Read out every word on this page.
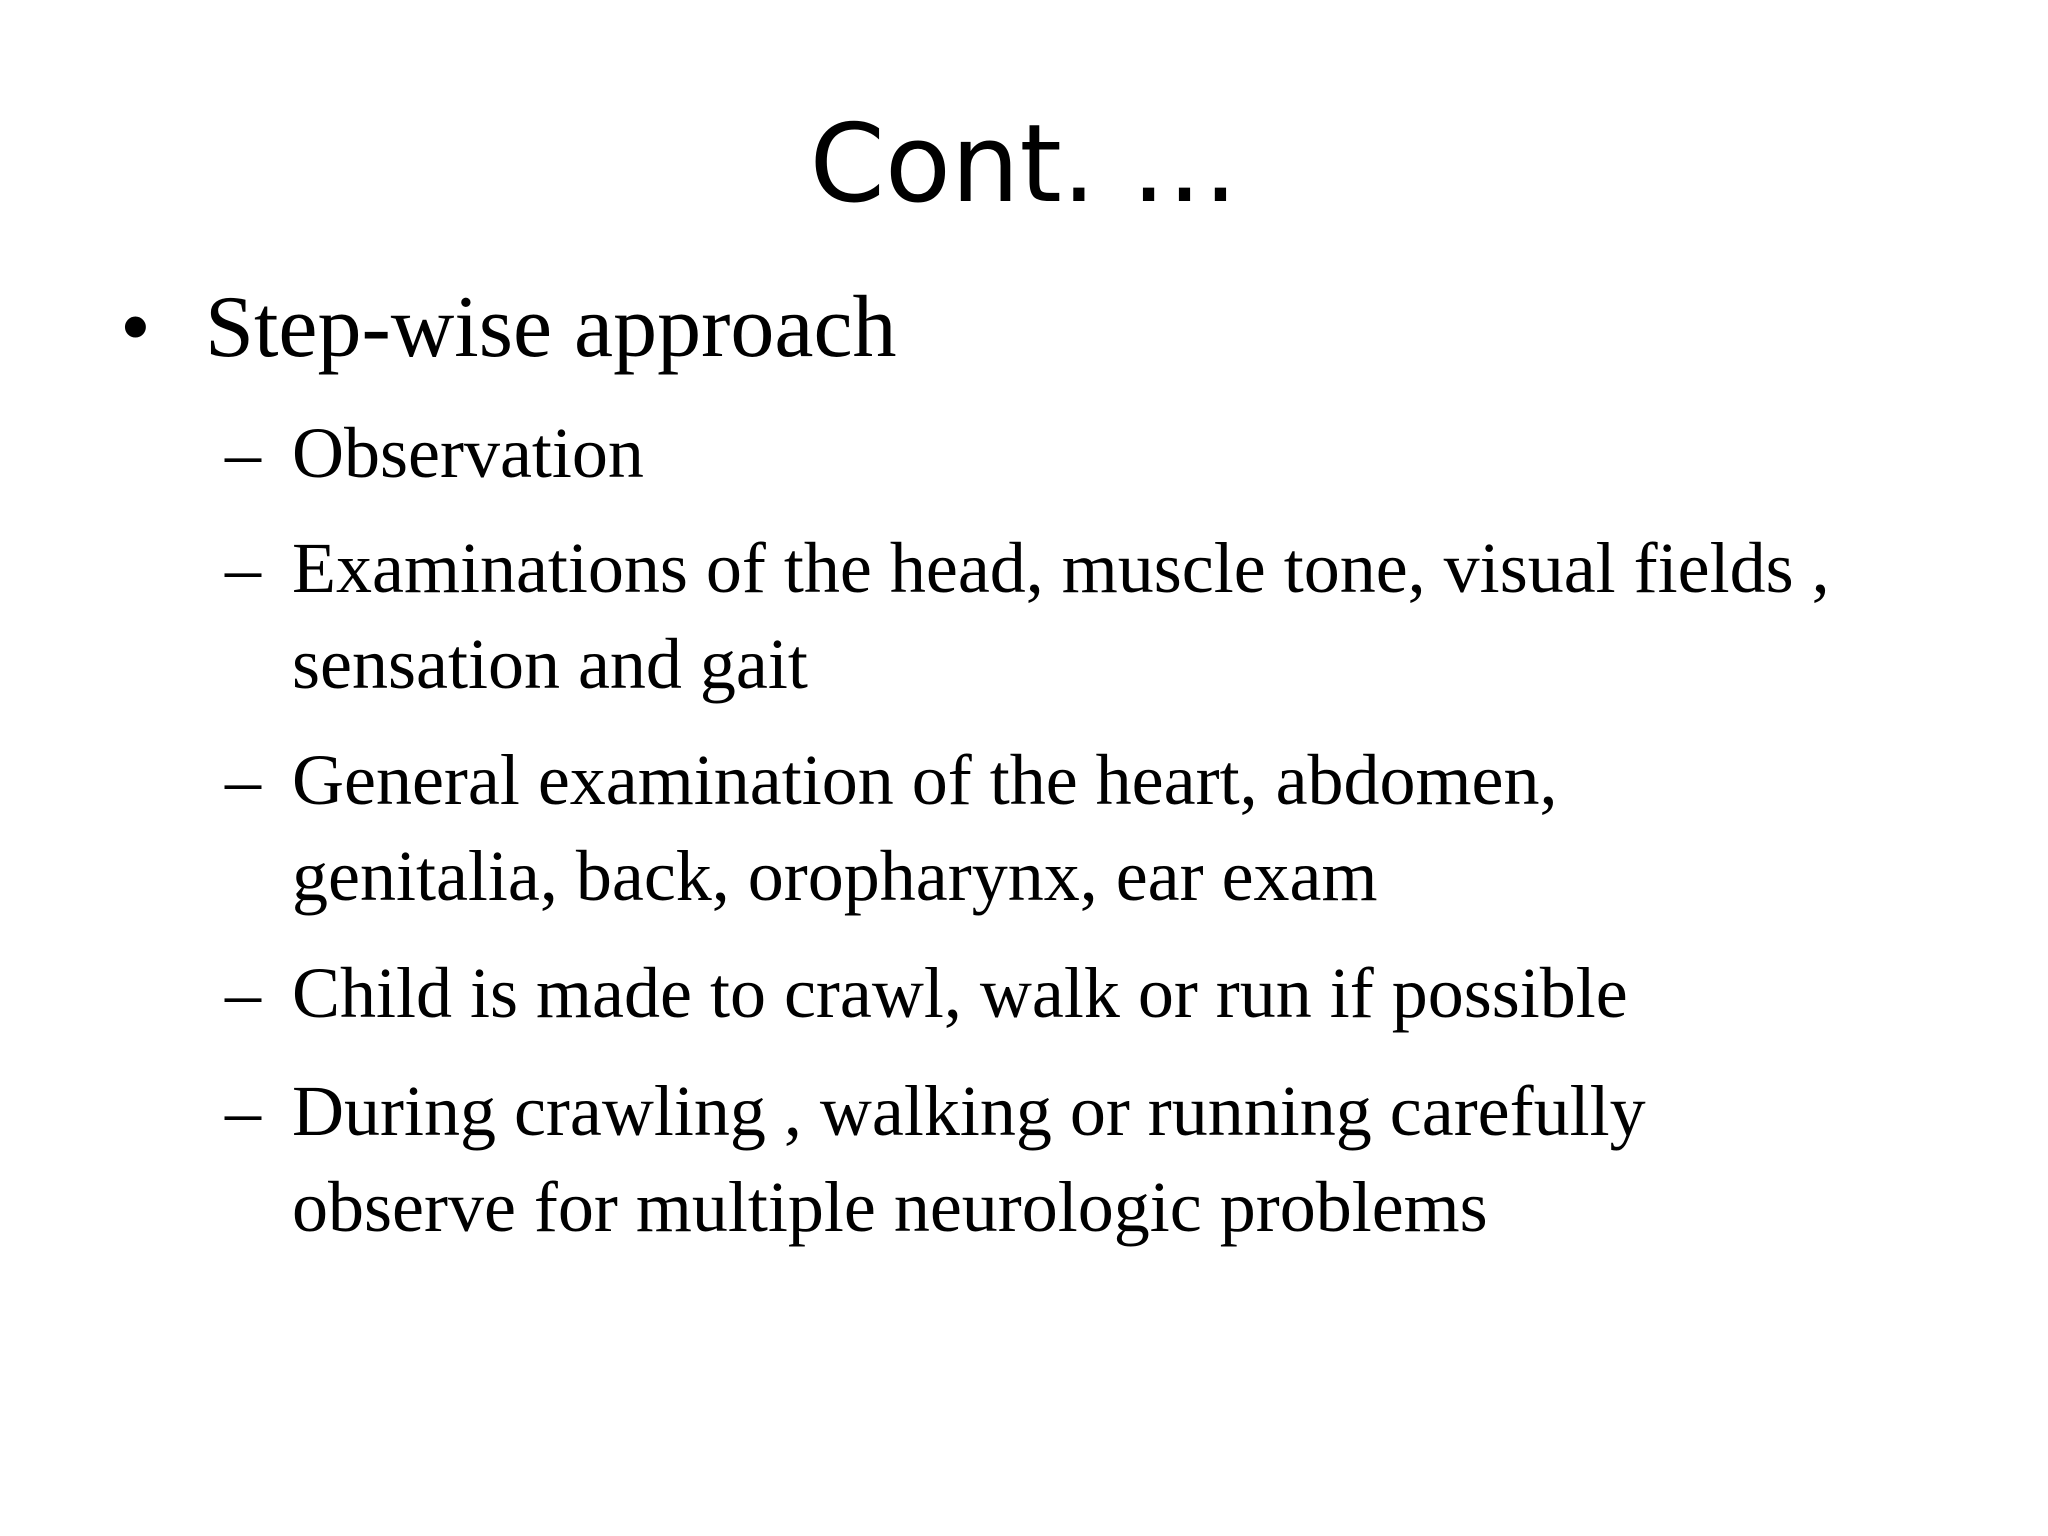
Cont. …
• Step-wise approach
– Observation
– Examinations of the head, muscle tone, visual fields , sensation and gait
– General examination of the heart, abdomen, genitalia, back, oropharynx, ear exam
– Child is made to crawl, walk or run if possible
– During crawling , walking or running carefully observe for multiple neurologic problems
